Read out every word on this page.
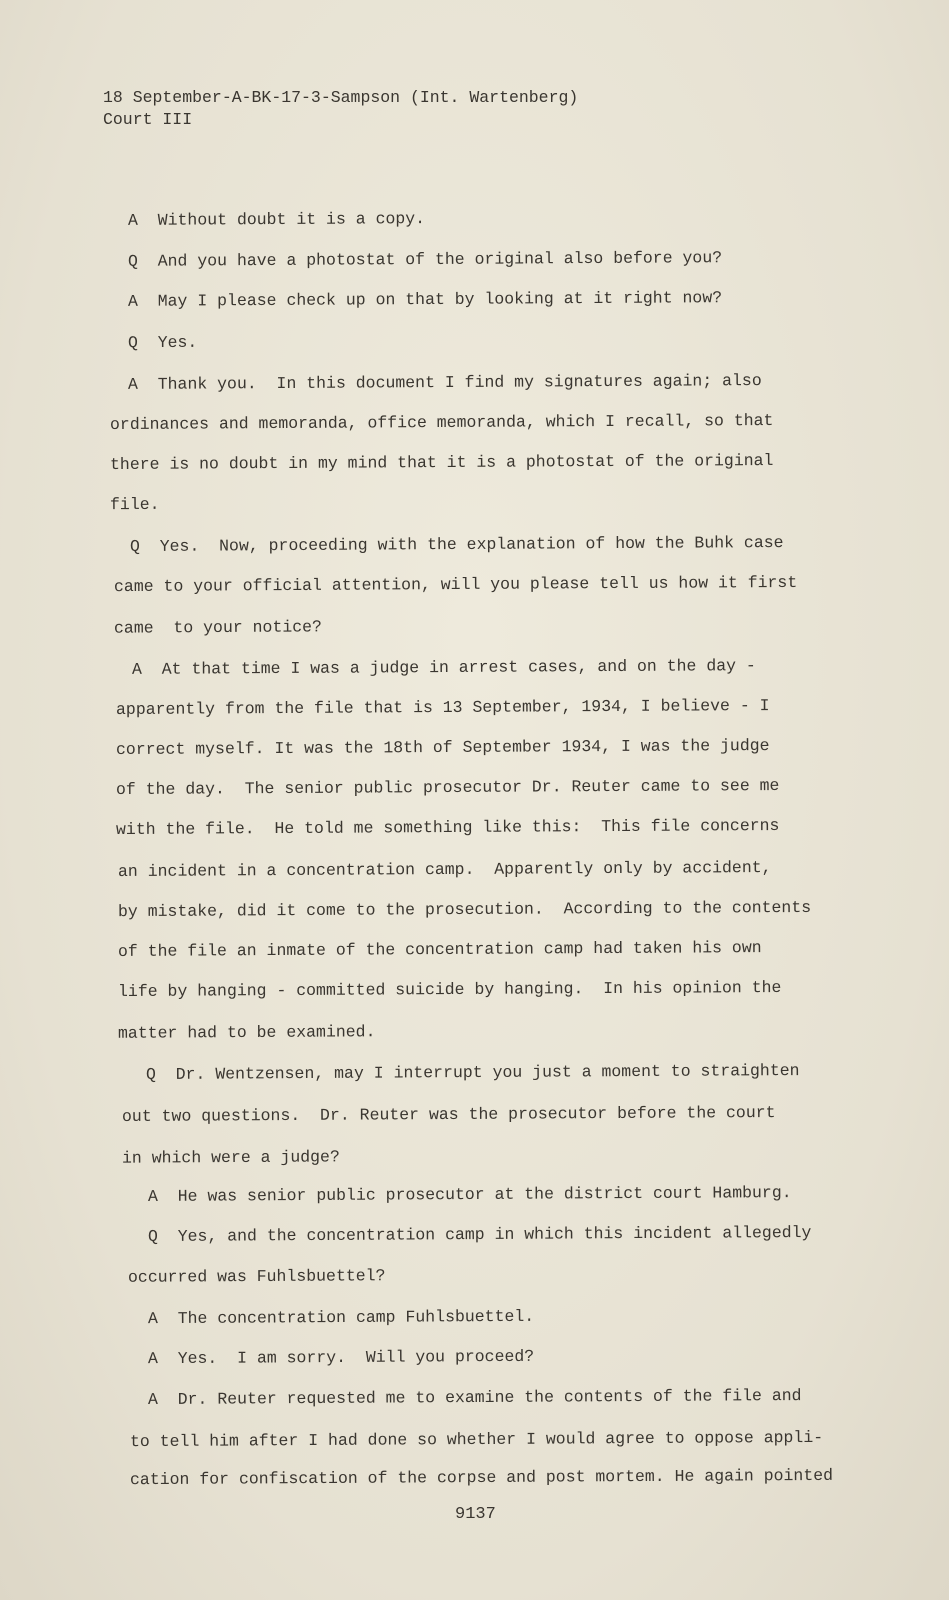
18 September-A-BK-17-3-Sampson (Int. Wartenberg)
Court III
A  Without doubt it is a copy.
Q  And you have a photostat of the original also before you?
A  May I please check up on that by looking at it right now?
Q  Yes.
A  Thank you.  In this document I find my signatures again; also
ordinances and memoranda, office memoranda, which I recall, so that
there is no doubt in my mind that it is a photostat of the original
file.
Q  Yes.  Now, proceeding with the explanation of how the Buhk case
came to your official attention, will you please tell us how it first
came  to your notice?
A  At that time I was a judge in arrest cases, and on the day -
apparently from the file that is 13 September, 1934, I believe - I
correct myself. It was the 18th of September 1934, I was the judge
of the day.  The senior public prosecutor Dr. Reuter came to see me
with the file.  He told me something like this:  This file concerns
an incident in a concentration camp.  Apparently only by accident,
by mistake, did it come to the prosecution.  According to the contents
of the file an inmate of the concentration camp had taken his own
life by hanging - committed suicide by hanging.  In his opinion the
matter had to be examined.
Q  Dr. Wentzensen, may I interrupt you just a moment to straighten
out two questions.  Dr. Reuter was the prosecutor before the court
in which were a judge?
A  He was senior public prosecutor at the district court Hamburg.
Q  Yes, and the concentration camp in which this incident allegedly
occurred was Fuhlsbuettel?
A  The concentration camp Fuhlsbuettel.
A  Yes.  I am sorry.  Will you proceed?
A  Dr. Reuter requested me to examine the contents of the file and
to tell him after I had done so whether I would agree to oppose appli-
cation for confiscation of the corpse and post mortem. He again pointed
9137
